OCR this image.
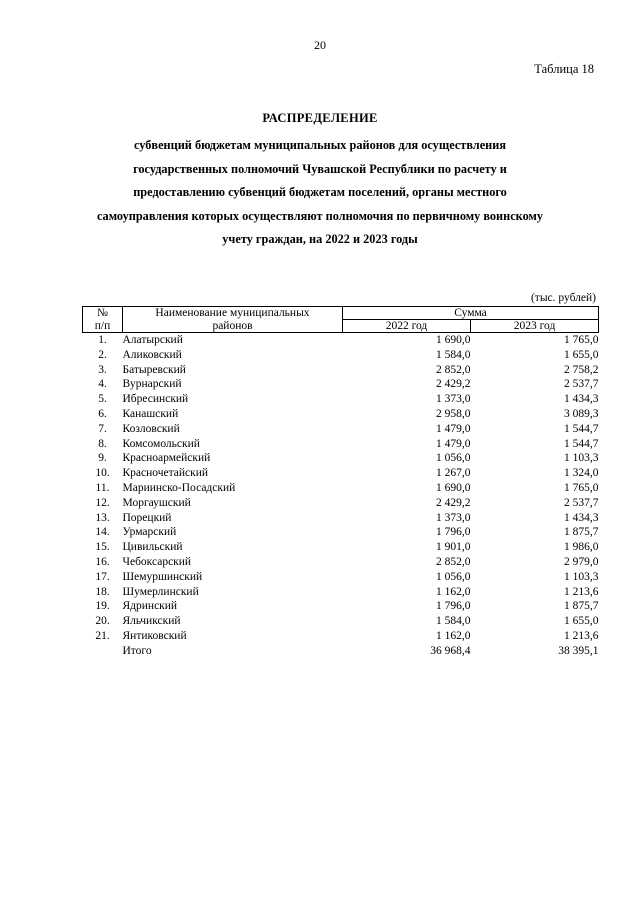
20
Таблица 18
РАСПРЕДЕЛЕНИЕ
субвенций бюджетам муниципальных районов для осуществления государственных полномочий Чувашской Республики по расчету и предоставлению субвенций бюджетам поселений, органы местного самоуправления которых осуществляют полномочия по первичному воинскому учету граждан, на 2022 и 2023 годы
(тыс. рублей)
№	Наименование муниципальных	Сумма	
п/п	районов	2022 год	2023 год
1.	Алатырский	1 690,0	1 765,0
2.	Аликовский	1 584,0	1 655,0
3.	Батыревский	2 852,0	2 758,2
4.	Вурнарский	2 429,2	2 537,7
5.	Ибресинский	1 373,0	1 434,3
6.	Канашский	2 958,0	3 089,3
7.	Козловский	1 479,0	1 544,7
8.	Комсомольский	1 479,0	1 544,7
9.	Красноармейский	1 056,0	1 103,3
10.	Красночетайский	1 267,0	1 324,0
11.	Мариинско-Посадский	1 690,0	1 765,0
12.	Моргаушский	2 429,2	2 537,7
13.	Порецкий	1 373,0	1 434,3
14.	Урмарский	1 796,0	1 875,7
15.	Цивильский	1 901,0	1 986,0
16.	Чебоксарский	2 852,0	2 979,0
17.	Шемуршинский	1 056,0	1 103,3
18.	Шумерлинский	1 162,0	1 213,6
19.	Ядринский	1 796,0	1 875,7
20.	Яльчикский	1 584,0	1 655,0
21.	Янтиковский	1 162,0	1 213,6
	Итого	36 968,4	38 395,1
